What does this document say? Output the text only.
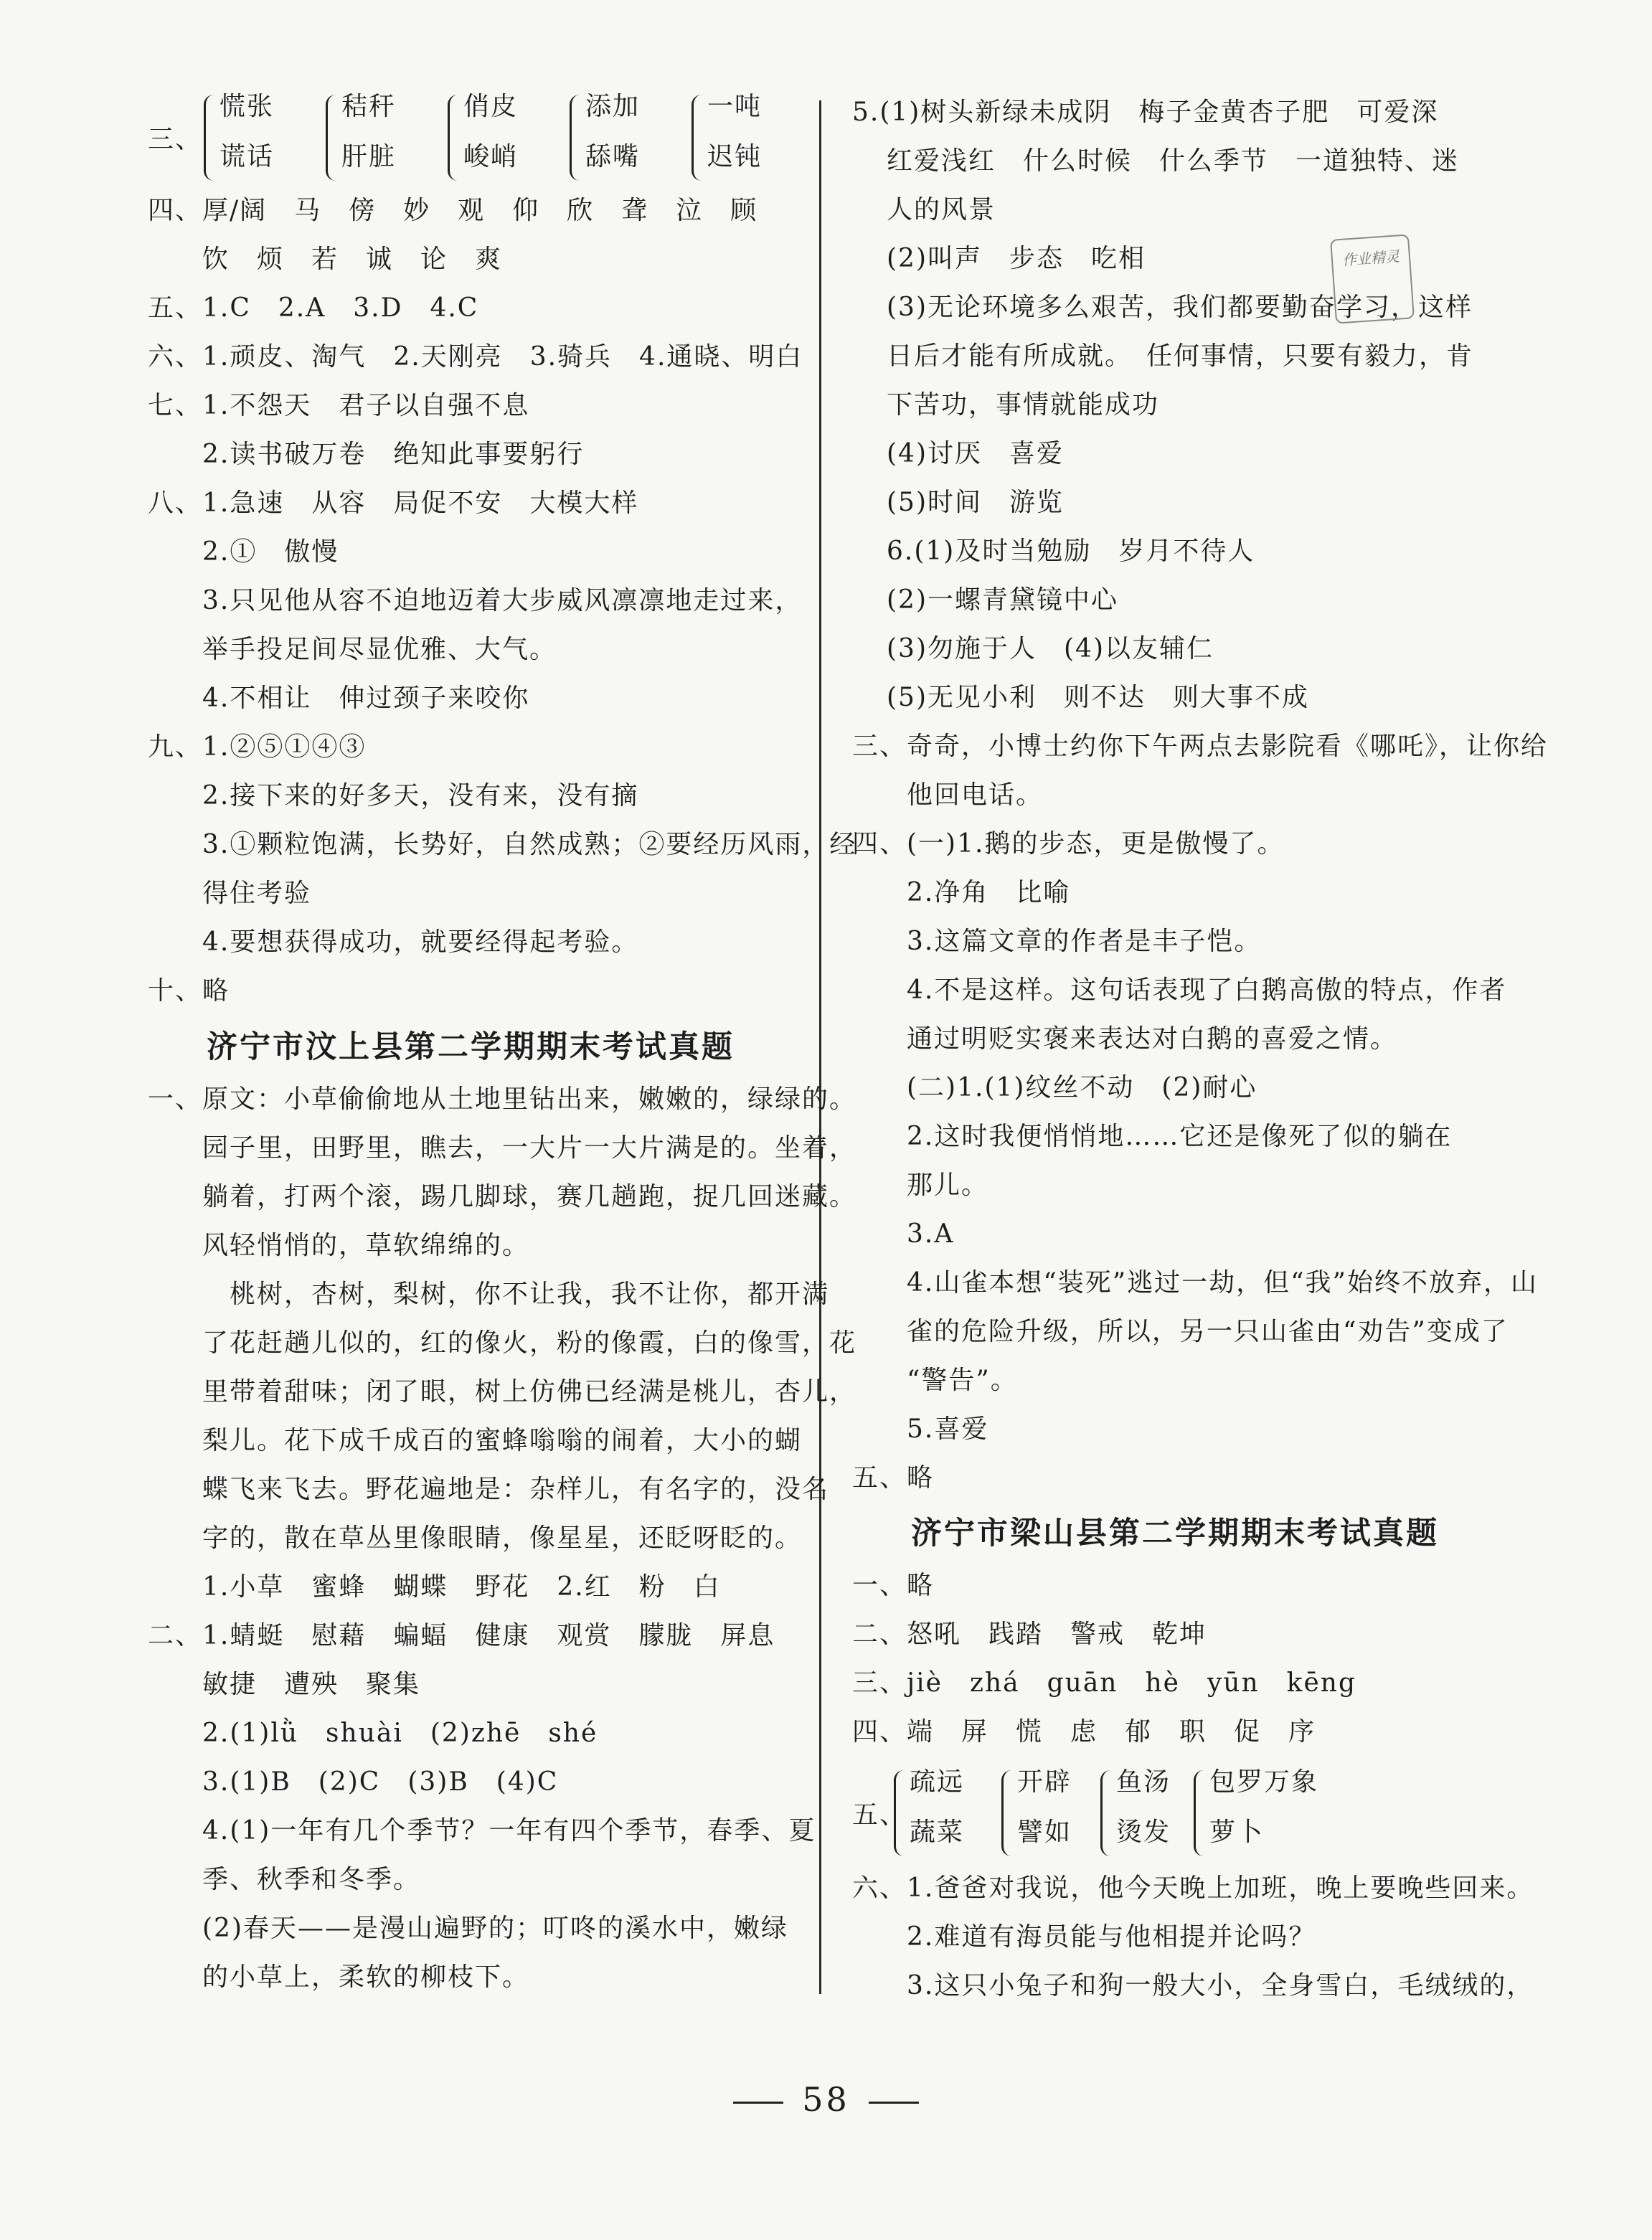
三、
慌张
谎话
秸秆
肝脏
俏皮
峻峭
添加
舔嘴
一吨
迟钝
四、厚/阔　马　傍　妙　观　仰　欣　聋　泣　顾
　　饮　烦　若　诚　论　爽
五、1.C　2.A　3.D　4.C
六、1.顽皮、淘气　2.天刚亮　3.骑兵　4.通晓、明白
七、1.不怨天　君子以自强不息
　　2.读书破万卷　绝知此事要躬行
八、1.急速　从容　局促不安　大模大样
　　2.①　傲慢
　　3.只见他从容不迫地迈着大步威风凛凛地走过来，
　　举手投足间尽显优雅、大气。
　　4.不相让　伸过颈子来咬你
九、1.②⑤①④③
　　2.接下来的好多天，没有来，没有摘
　　3.①颗粒饱满，长势好，自然成熟；②要经历风雨，经
　　得住考验
　　4.要想获得成功，就要经得起考验。
十、略
济宁市汶上县第二学期期末考试真题
一、原文：小草偷偷地从土地里钻出来，嫩嫩的，绿绿的。
　　园子里，田野里，瞧去，一大片一大片满是的。坐着，
　　躺着，打两个滚，踢几脚球，赛几趟跑，捉几回迷藏。
　　风轻悄悄的，草软绵绵的。
　　　桃树，杏树，梨树，你不让我，我不让你，都开满
　　了花赶趟儿似的，红的像火，粉的像霞，白的像雪，花
　　里带着甜味；闭了眼，树上仿佛已经满是桃儿，杏儿，
　　梨儿。花下成千成百的蜜蜂嗡嗡的闹着，大小的蝴
　　蝶飞来飞去。野花遍地是：杂样儿，有名字的，没名
　　字的，散在草丛里像眼睛，像星星，还眨呀眨的。
　　1.小草　蜜蜂　蝴蝶　野花　2.红　粉　白
二、1.蜻蜓　慰藉　蝙蝠　健康　观赏　朦胧　屏息
　　敏捷　遭殃　聚集
　　2.(1)lǜ　shuài　(2)zhē　shé
　　3.(1)B　(2)C　(3)B　(4)C
　　4.(1)一年有几个季节？一年有四个季节，春季、夏
　　季、秋季和冬季。
　　(2)春天——是漫山遍野的；叮咚的溪水中，嫩绿
　　的小草上，柔软的柳枝下。
5.(1)树头新绿未成阴　梅子金黄杏子肥　可爱深
红爱浅红　什么时候　什么季节　一道独特、迷
人的风景
(2)叫声　步态　吃相
(3)无论环境多么艰苦，我们都要勤奋学习，这样
日后才能有所成就。　任何事情，只要有毅力，肯
下苦功，事情就能成功
(4)讨厌　喜爱
(5)时间　游览
6.(1)及时当勉励　岁月不待人
(2)一螺青黛镜中心
(3)勿施于人　(4)以友辅仁
(5)无见小利　则不达　则大事不成
三、奇奇，小博士约你下午两点去影院看《哪吒》，让你给
　　他回电话。
四、(一)1.鹅的步态，更是傲慢了。
　　2.净角　比喻
　　3.这篇文章的作者是丰子恺。
　　4.不是这样。这句话表现了白鹅高傲的特点，作者
　　通过明贬实褒来表达对白鹅的喜爱之情。
　　(二)1.(1)纹丝不动　(2)耐心
　　2.这时我便悄悄地……它还是像死了似的躺在
　　那儿。
　　3.A
　　4.山雀本想“装死”逃过一劫，但“我”始终不放弃，山
　　雀的危险升级，所以，另一只山雀由“劝告”变成了
　　“警告”。
　　5.喜爱
五、略
济宁市梁山县第二学期期末考试真题
一、略
二、怒吼　践踏　警戒　乾坤
三、jiè　zhá　guān　hè　yūn　kēng
四、端　屏　慌　虑　郁　职　促　序
五、
疏远
蔬菜
开辟
譬如
鱼汤
烫发
包罗万象
萝卜
六、1.爸爸对我说，他今天晚上加班，晚上要晚些回来。
　　2.难道有海员能与他相提并论吗？
　　3.这只小兔子和狗一般大小，全身雪白，毛绒绒的，
作业精灵
58
